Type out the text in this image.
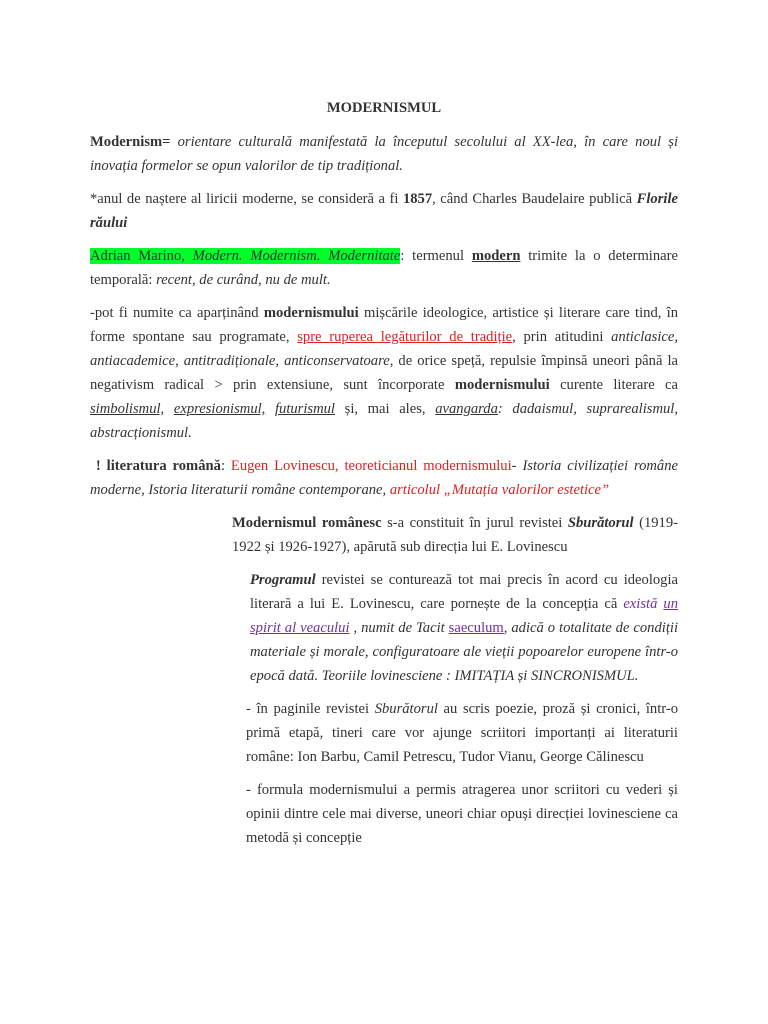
MODERNISMUL

Modernism= orientare culturală manifestată la începutul secolului al XX-lea, în care noul și inovația formelor se opun valorilor de tip tradițional.

*anul de naștere al liricii moderne, se consideră a fi 1857, când Charles Baudelaire publică Florile răului

Adrian Marino, Modern. Modernism. Modernitate: termenul modern trimite la o determinare temporală: recent, de curând, nu de mult.

-pot fi numite ca aparținând modernismului mișcările ideologice, artistice și literare care tind, în forme spontane sau programate, spre ruperea legăturilor de tradiție, prin atitudini anticlasice, antiacademice, antitradiționale, anticonservatoare, de orice speță, repulsie împinsă uneori până la negativism radical > prin extensiune, sunt încorporate modernismului curente literare ca simbolismul, expresionismul, futurismul și, mai ales, avangarda: dadaismul, suprarealismul, abstracționismul.

! literatura română: Eugen Lovinescu, teoreticianul modernismului- Istoria civilizației române moderne, Istoria literaturii române contemporane, articolul „Mutația valorilor estetice”

Modernismul românesc s-a constituit în jurul revistei Sburătorul (1919-1922 și 1926-1927), apărută sub direcția lui E. Lovinescu

Programul revistei se conturează tot mai precis în acord cu ideologia literară a lui E. Lovinescu, care pornește de la concepția că există un spirit al veacului , numit de Tacit saeculum, adică o totalitate de condiții materiale și morale, configuratoare ale vieții popoarelor europene într-o epocă dată. Teoriile lovinesciene : IMITAȚIA și SINCRONISMUL.

- în paginile revistei Sburătorul au scris poezie, proză și cronici, într-o primă etapă, tineri care vor ajunge scriitori importanți ai literaturii române: Ion Barbu, Camil Petrescu, Tudor Vianu, George Călinescu

- formula modernismului a permis atragerea unor scriitori cu vederi și opinii dintre cele mai diverse, uneori chiar opuși direcției lovinesciene ca metodă și concepție
